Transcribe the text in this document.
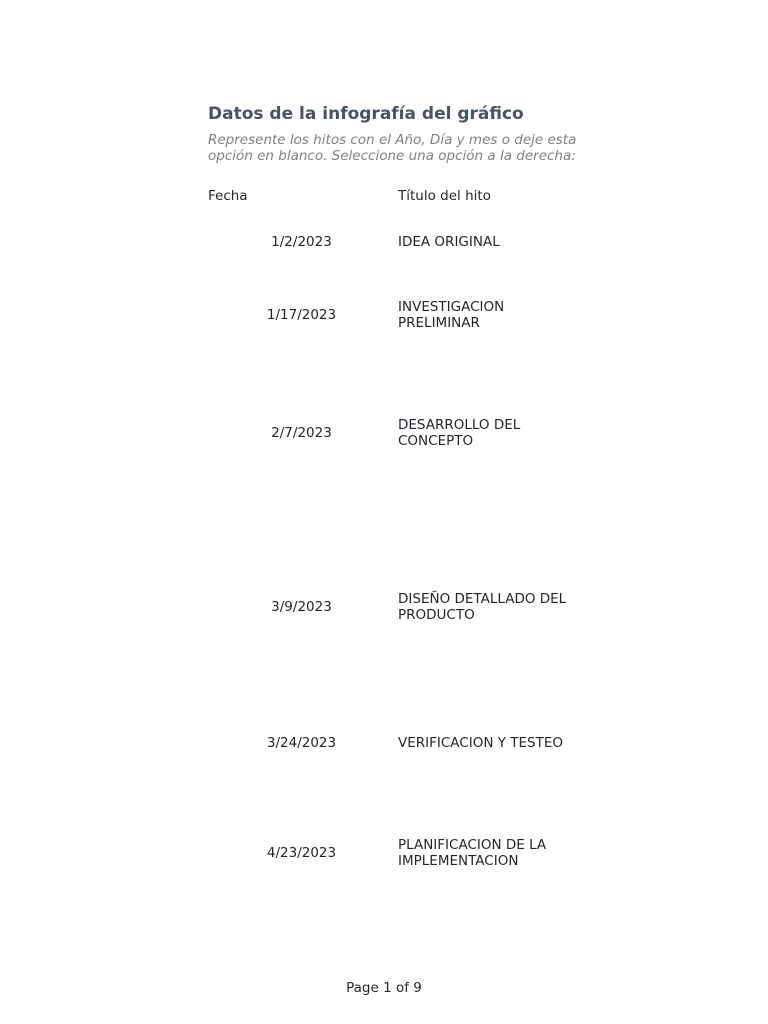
Datos de la infografía del gráfico
Represente los hitos con el Año, Día y mes o deje esta opción en blanco. Seleccione una opción a la derecha:
Fecha	Título del hito
1/2/2023	IDEA ORIGINAL
1/17/2023	INVESTIGACION PRELIMINAR
2/7/2023	DESARROLLO DEL CONCEPTO
3/9/2023	DISEÑO DETALLADO DEL PRODUCTO
3/24/2023	VERIFICACION Y TESTEO
4/23/2023	PLANIFICACION DE LA IMPLEMENTACION
Page 1 of 9
